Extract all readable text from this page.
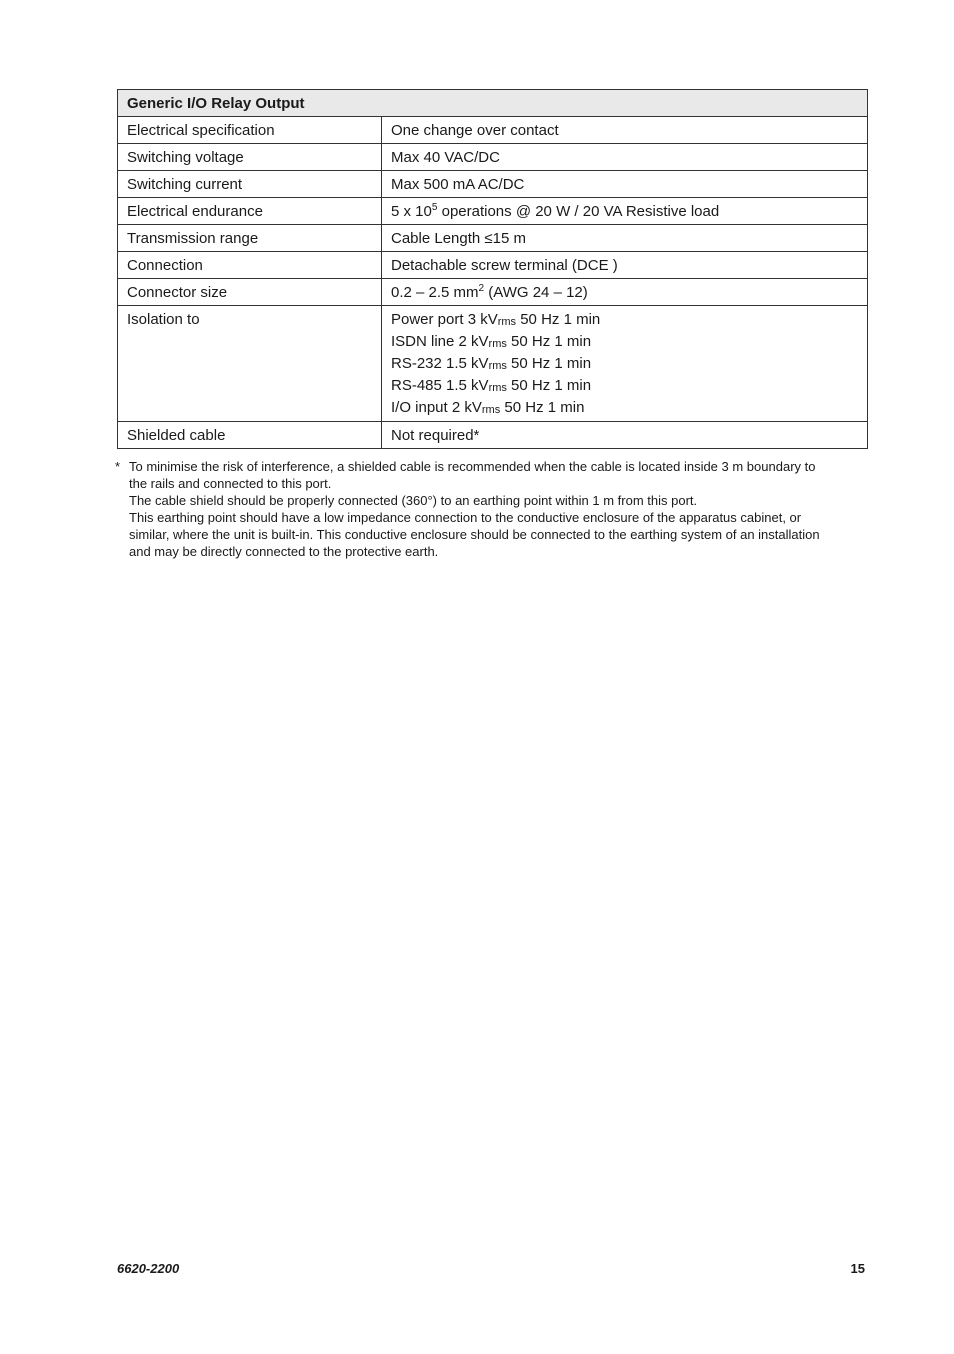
Generic I/O Relay Output	
Electrical specification	One change over contact
Switching voltage	Max 40 VAC/DC
Switching current	Max 500 mA AC/DC
Electrical endurance	5 x $10^5$ operations @ 20 W / 20 VA Resistive load
Transmission range	Cable Length ≤15 m
Connection	Detachable screw terminal (DCE )
Connector size	0.2 – 2.5 $mm^2$ (AWG 24 – 12)
Isolation to	Power port 3 $kV_{rms}$ 50 Hz 1 min
ISDN line 2 $kV_{rms}$ 50 Hz 1 min
RS-232 1.5 $kV_{rms}$ 50 Hz 1 min
RS-485 1.5 $kV_{rms}$ 50 Hz 1 min
I/O input 2 $kV_{rms}$ 50 Hz 1 min

Shielded cable	Not required*
* To minimise the risk of interference, a shielded cable is recommended when the cable is located inside 3 m boundary to the rails and connected to this port.

The cable shield should be properly connected (360°) to an earthing point within 1 m from this port.

This earthing point should have a low impedance connection to the conductive enclosure of the apparatus cabinet, or similar, where the unit is built-in. This conductive enclosure should be connected to the earthing system of an installation and may be directly connected to the protective earth.

6620-2200	15
